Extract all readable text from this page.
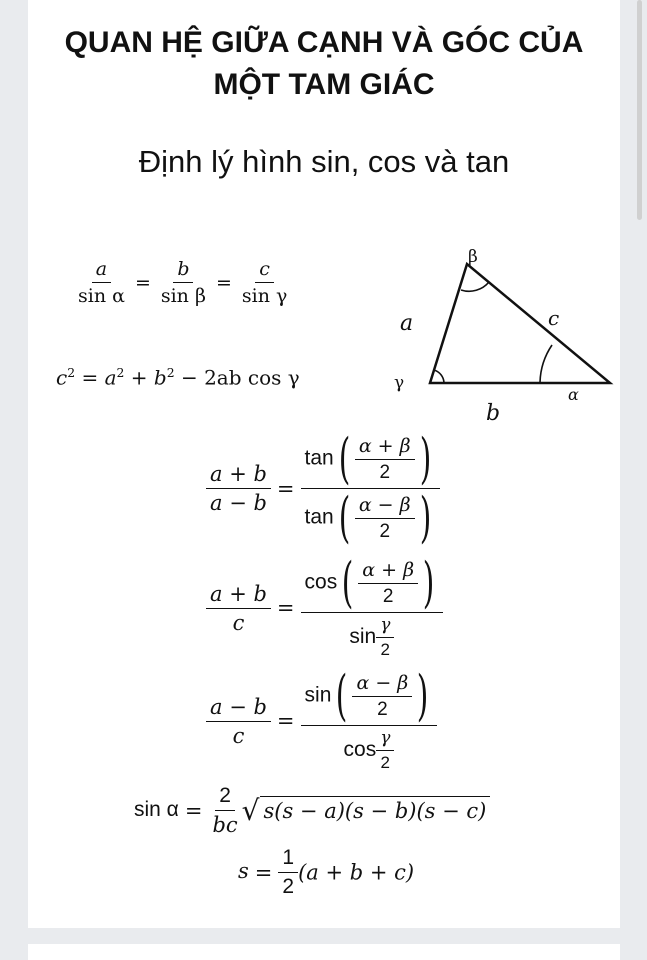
QUAN HỆ GIỮA CẠNH VÀ GÓC CỦA
MỘT TAM GIÁC
Định lý hình sin, cos và tan
$\frac{a}{\text{sin α}} = \frac{b}{\text{sin β}} = \frac{c}{\text{sin γ}}$
$c^2 = a^2 + b^2 - 2ab$ cos γ
β
γ
α
a	c
b
$\frac{a + b}{a - b} = \frac{\tan( \frac{\alpha + \beta}{2} )}{\tan( \frac{\alpha - \beta}{2} )}$
$\frac{a + b}{c} = \frac{\cos( \frac{\alpha + \beta}{2} )}{\sin \frac{\gamma}{2}}$
$\frac{a - b}{c} = \frac{\sin( \frac{\alpha - \beta}{2} )}{\cos \frac{\gamma}{2}}$
$\sin \alpha = \frac{2}{bc}$ √ s(s − a)(s − b)(s − c)
$s = \frac{1}{2} (a + b + c)$
